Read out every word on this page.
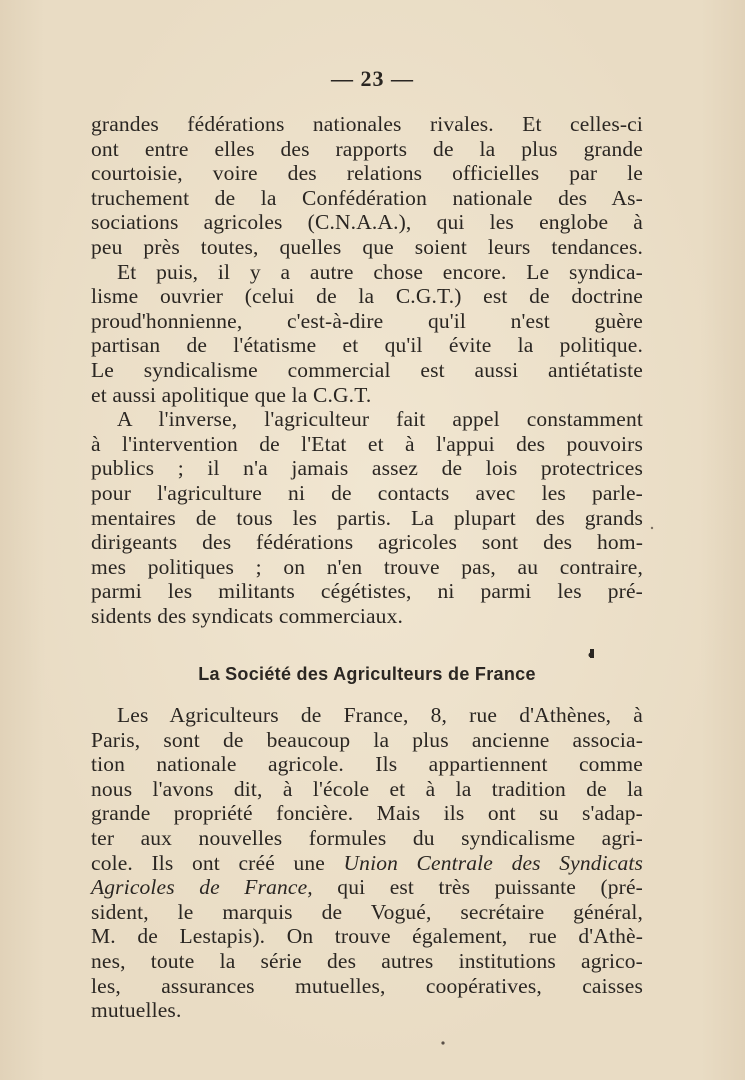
— 23 —
grandes fédérations nationales rivales. Et celles-ci
ont entre elles des rapports de la plus grande
courtoisie, voire des relations officielles par le
truchement de la Confédération nationale des As-
sociations agricoles (C.N.A.A.), qui les englobe à
peu près toutes, quelles que soient leurs tendances.
Et puis, il y a autre chose encore. Le syndica-
lisme ouvrier (celui de la C.G.T.) est de doctrine
proud'honnienne, c'est-à-dire qu'il n'est guère
partisan de l'étatisme et qu'il évite la politique.
Le syndicalisme commercial est aussi antiétatiste
et aussi apolitique que la C.G.T.
A l'inverse, l'agriculteur fait appel constamment
à l'intervention de l'Etat et à l'appui des pouvoirs
publics ; il n'a jamais assez de lois protectrices
pour l'agriculture ni de contacts avec les parle-
mentaires de tous les partis. La plupart des grands
dirigeants des fédérations agricoles sont des hom-
mes politiques ; on n'en trouve pas, au contraire,
parmi les militants cégétistes, ni parmi les pré-
sidents des syndicats commerciaux.
La Société des Agriculteurs de France
Les Agriculteurs de France, 8, rue d'Athènes, à
Paris, sont de beaucoup la plus ancienne associa-
tion nationale agricole. Ils appartiennent comme
nous l'avons dit, à l'école et à la tradition de la
grande propriété foncière. Mais ils ont su s'adap-
ter aux nouvelles formules du syndicalisme agri-
cole. Ils ont créé une Union Centrale des Syndicats
Agricoles de France, qui est très puissante (pré-
sident, le marquis de Vogué, secrétaire général,
M. de Lestapis). On trouve également, rue d'Athè-
nes, toute la série des autres institutions agrico-
les, assurances mutuelles, coopératives, caisses
mutuelles.
